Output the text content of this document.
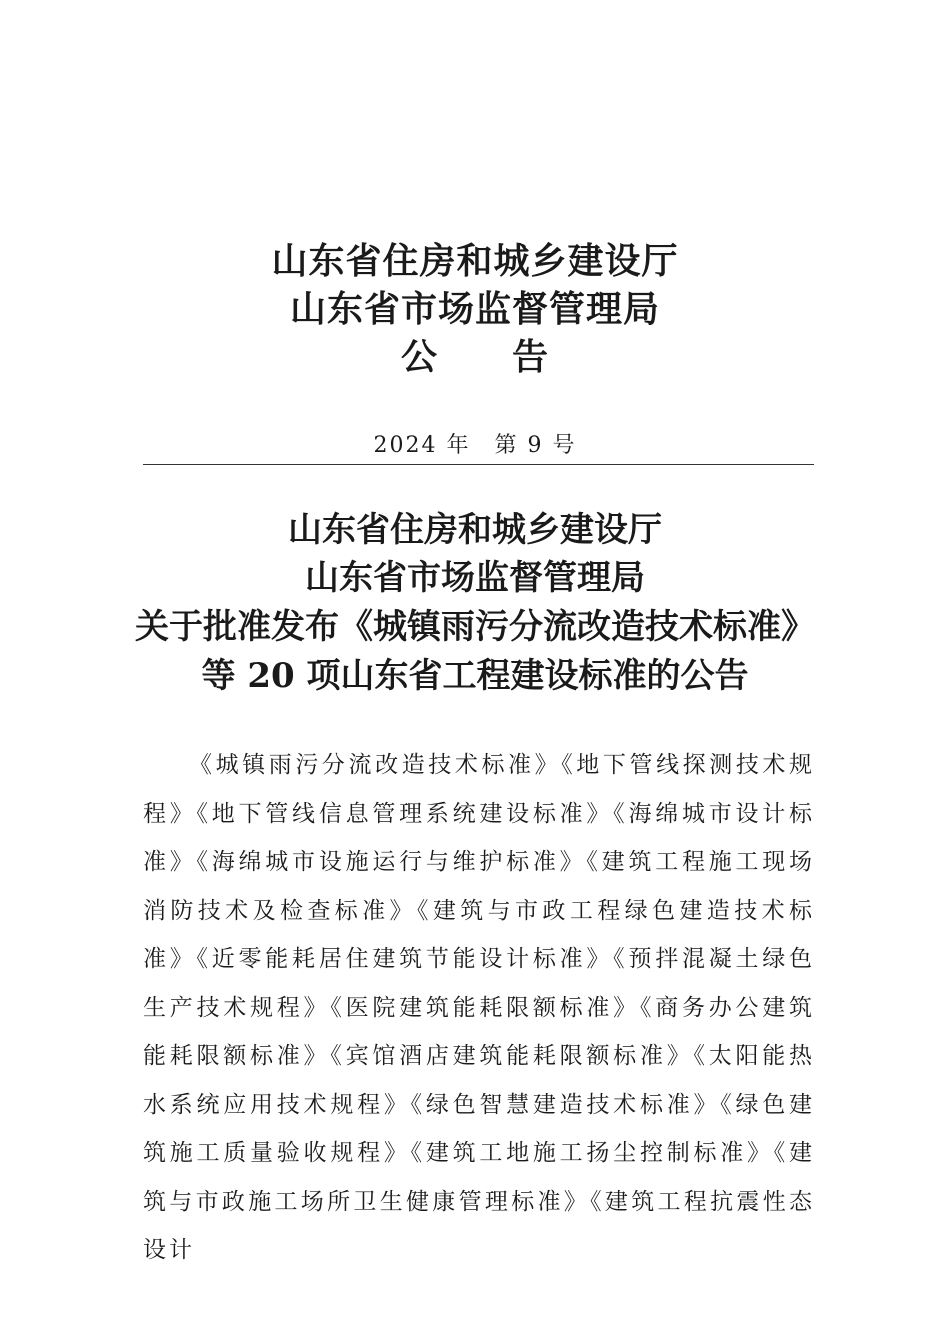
山东省住房和城乡建设厅
山东省市场监督管理局
公　　告
2024 年　第 9 号
山东省住房和城乡建设厅
山东省市场监督管理局
关于批准发布《城镇雨污分流改造技术标准》
等 20 项山东省工程建设标准的公告

《城镇雨污分流改造技术标准》《地下管线探测技术规程》《地下管线信息管理系统建设标准》《海绵城市设计标准》《海绵城市设施运行与维护标准》《建筑工程施工现场消防技术及检查标准》《建筑与市政工程绿色建造技术标准》《近零能耗居住建筑节能设计标准》《预拌混凝土绿色生产技术规程》《医院建筑能耗限额标准》《商务办公建筑能耗限额标准》《宾馆酒店建筑能耗限额标准》《太阳能热水系统应用技术规程》《绿色智慧建造技术标准》《绿色建筑施工质量验收规程》《建筑工地施工扬尘控制标准》《建筑与市政施工场所卫生健康管理标准》《建筑工程抗震性态设计
